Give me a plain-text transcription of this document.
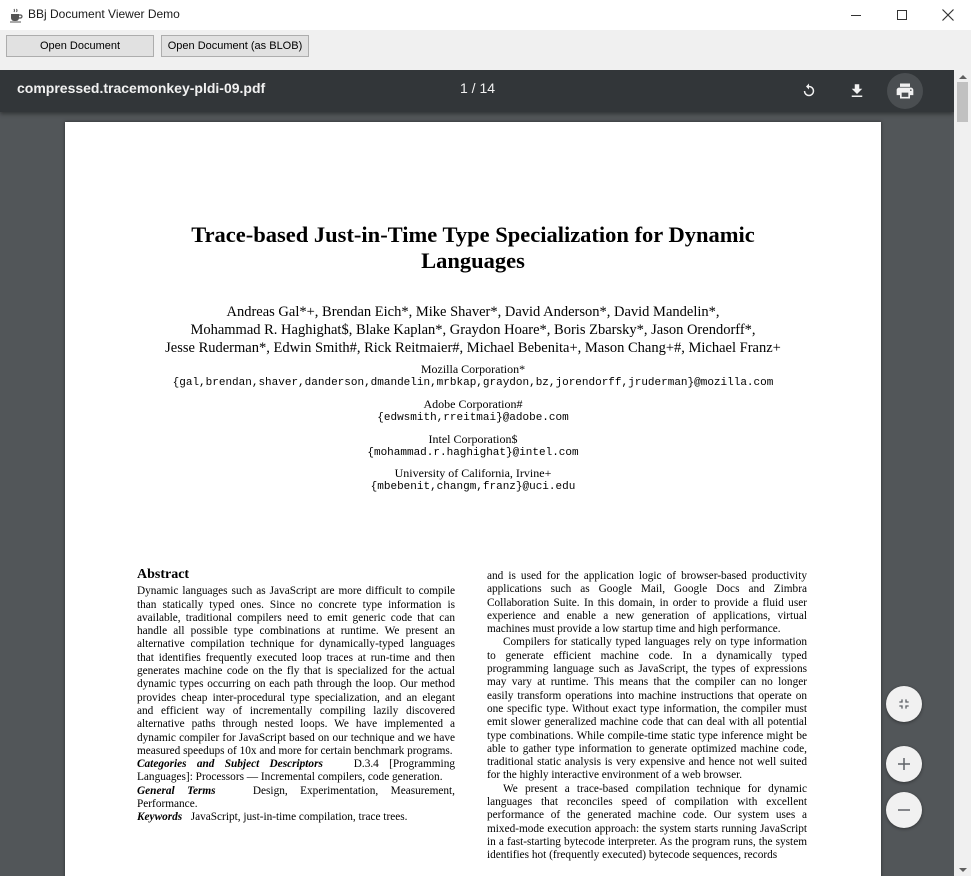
BBj Document Viewer Demo
Open Document	Open Document (as BLOB)
compressed.tracemonkey-pldi-09.pdf	1 / 14
Trace-based Just-in-Time Type Specialization for Dynamic
Languages
Andreas Gal*+, Brendan Eich*, Mike Shaver*, David Anderson*, David Mandelin*,
Mohammad R. Haghighat$, Blake Kaplan*, Graydon Hoare*, Boris Zbarsky*, Jason Orendorff*,
Jesse Ruderman*, Edwin Smith#, Rick Reitmaier#, Michael Bebenita+, Mason Chang+#, Michael Franz+
Mozilla Corporation*
{gal,brendan,shaver,danderson,dmandelin,mrbkap,graydon,bz,jorendorff,jruderman}@mozilla.com
Adobe Corporation#
{edwsmith,rreitmai}@adobe.com
Intel Corporation$
{mohammad.r.haghighat}@intel.com
University of California, Irvine+
{mbebenit,changm,franz}@uci.edu
Abstract

Dynamic languages such as JavaScript are more difficult to compile than statically typed ones. Since no concrete type information is available, traditional compilers need to emit generic code that can handle all possible type combinations at runtime. We present an alternative compilation technique for dynamically-typed languages that identifies frequently executed loop traces at run-time and then generates machine code on the fly that is specialized for the actual dynamic types occurring on each path through the loop. Our method provides cheap inter-procedural type specialization, and an elegant and efficient way of incrementally compiling lazily discovered alternative paths through nested loops. We have implemented a dynamic compiler for JavaScript based on our technique and we have measured speedups of 10x and more for certain benchmark programs.

Categories and Subject Descriptors	D.3.4 [Programming Languages]: Processors — Incremental compilers, code generation.

General Terms	Design, Experimentation, Measurement, Performance.

Keywords JavaScript, just-in-time compilation, trace trees.

and is used for the application logic of browser-based productivity applications such as Google Mail, Google Docs and Zimbra Collaboration Suite. In this domain, in order to provide a fluid user experience and enable a new generation of applications, virtual machines must provide a low startup time and high performance.

Compilers for statically typed languages rely on type information to generate efficient machine code. In a dynamically typed programming language such as JavaScript, the types of expressions may vary at runtime. This means that the compiler can no longer easily transform operations into machine instructions that operate on one specific type. Without exact type information, the compiler must emit slower generalized machine code that can deal with all potential type combinations. While compile-time static type inference might be able to gather type information to generate optimized machine code, traditional static analysis is very expensive and hence not well suited for the highly interactive environment of a web browser.

We present a trace-based compilation technique for dynamic languages that reconciles speed of compilation with excellent performance of the generated machine code. Our system uses a mixed-mode execution approach: the system starts running JavaScript in a fast-starting bytecode interpreter. As the program runs, the system identifies hot (frequently executed) bytecode sequences, records
